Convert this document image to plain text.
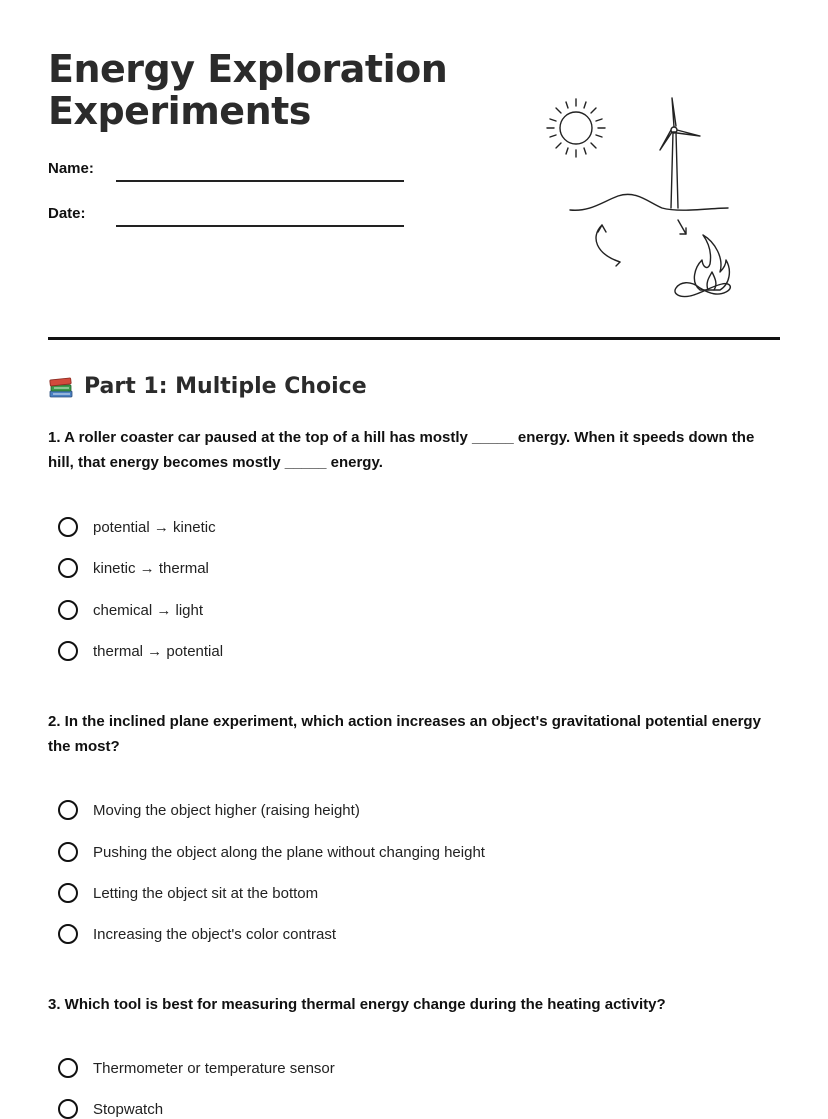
Energy Exploration
Experiments
Name:
Date:
Part 1: Multiple Choice
1. A roller coaster car paused at the top of a hill has mostly _____ energy. When it speeds down the hill, that energy becomes mostly _____ energy.
potential → kinetic
kinetic → thermal
chemical → light
thermal → potential
2. In the inclined plane experiment, which action increases an object's gravitational potential energy the most?
Moving the object higher (raising height)
Pushing the object along the plane without changing height
Letting the object sit at the bottom
Increasing the object's color contrast
3. Which tool is best for measuring thermal energy change during the heating activity?
Thermometer or temperature sensor
Stopwatch
